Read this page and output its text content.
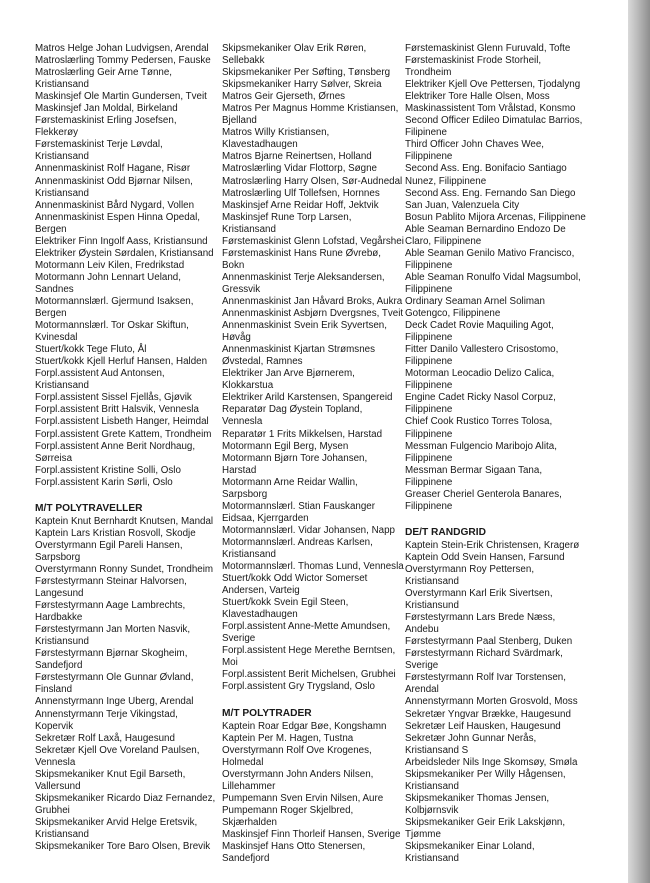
Matros Helge Johan Ludvigsen, Arendal
Matroslærling Tommy Pedersen, Fauske
Matroslærling Geir Arne Tønne,
Kristiansand
Maskinsjef Ole Martin Gundersen, Tveit
Maskinsjef Jan Moldal, Birkeland
Førstemaskinist Erling Josefsen,
Flekkerøy
Førstemaskinist Terje Løvdal,
Kristiansand
Annenmaskinist Rolf Hagane, Risør
Annenmaskinist Odd Bjørnar Nilsen,
Kristiansand
Annenmaskinist Bård Nygard, Vollen
Annenmaskinist Espen Hinna Opedal,
Bergen
Elektriker Finn Ingolf Aass, Kristiansund
Elektriker Øystein Sørdalen, Kristiansand
Motormann Leiv Kilen, Fredrikstad
Motormann John Lennart Ueland,
Sandnes
Motormannslærl. Gjermund Isaksen,
Bergen
Motormannslærl. Tor Oskar Skiftun,
Kvinesdal
Stuert/kokk Tege Fluto, Ål
Stuert/kokk Kjell Herluf Hansen, Halden
Forpl.assistent Aud Antonsen,
Kristiansand
Forpl.assistent Sissel Fjellås, Gjøvik
Forpl.assistent Britt Halsvik, Vennesla
Forpl.assistent Lisbeth Hanger, Heimdal
Forpl.assistent Grete Kattem, Trondheim
Forpl.assistent Anne Berit Nordhaug,
Sørreisa
Forpl.assistent Kristine Solli, Oslo
Forpl.assistent Karin Sørli, Oslo
M/T POLYTRAVELLER
Kaptein Knut Bernhardt Knutsen, Mandal
Kaptein Lars Kristian Rosvoll, Skodje
Overstyrmann Egil Pareli Hansen,
Sarpsborg
Overstyrmann Ronny Sundet, Trondheim
Førstestyrmann Steinar Halvorsen,
Langesund
Førstestyrmann Aage Lambrechts,
Hardbakke
Førstestyrmann Jan Morten Nasvik,
Kristiansund
Førstestyrmann Bjørnar Skogheim,
Sandefjord
Førstestyrmann Ole Gunnar Øvland,
Finsland
Annenstyrmann Inge Uberg, Arendal
Annenstyrmann Terje Vikingstad,
Kopervik
Sekretær Rolf Laxå, Haugesund
Sekretær Kjell Ove Voreland Paulsen,
Vennesla
Skipsmekaniker Knut Egil Barseth,
Vallersund
Skipsmekaniker Ricardo Diaz Fernandez,
Grubhei
Skipsmekaniker Arvid Helge Eretsvik,
Kristiansand
Skipsmekaniker Tore Baro Olsen, Brevik
Skipsmekaniker Olav Erik Røren,
Sellebakk
Skipsmekaniker Per Søfting, Tønsberg
Skipsmekaniker Harry Sølver, Skreia
Matros Geir Gjerseth, Ørnes
Matros Per Magnus Homme Kristiansen,
Bjelland
Matros Willy Kristiansen,
Klavestadhaugen
Matros Bjarne Reinertsen, Holland
Matroslærling Vidar Flottorp, Søgne
Matroslærling Harry Olsen, Sør-Audnedal
Matroslærling Ulf Tollefsen, Hornnes
Maskinsjef Arne Reidar Hoff, Jektvik
Maskinsjef Rune Torp Larsen,
Kristiansand
Førstemaskinist Glenn Lofstad, Vegårshei
Førstemaskinist Hans Rune Øvrebø,
Bokn
Annenmaskinist Terje Aleksandersen,
Gressvik
Annenmaskinist Jan Håvard Broks, Aukra
Annenmaskinist Asbjørn Dvergsnes, Tveit
Annenmaskinist Svein Erik Syvertsen,
Høvåg
Annenmaskinist Kjartan Strømsnes
Øvstedal, Ramnes
Elektriker Jan Arve Bjørnerem,
Klokkarstua
Elektriker Arild Karstensen, Spangereid
Reparatør Dag Øystein Topland,
Vennesla
Reparatør 1 Frits Mikkelsen, Harstad
Motormann Egil Berg, Mysen
Motormann Bjørn Tore Johansen,
Harstad
Motormann Arne Reidar Wallin,
Sarpsborg
Motormannslærl. Stian Fauskanger
Eidsaa, Kjerrgarden
Motormannslærl. Vidar Johansen, Napp
Motormannslærl. Andreas Karlsen,
Kristiansand
Motormannslærl. Thomas Lund, Vennesla
Stuert/kokk Odd Wictor Somerset
Andersen, Varteig
Stuert/kokk Svein Egil Steen,
Klavestadhaugen
Forpl.assistent Anne-Mette Amundsen,
Sverige
Forpl.assistent Hege Merethe Berntsen,
Moi
Forpl.assistent Berit Michelsen, Grubhei
Forpl.assistent Gry Trygsland, Oslo
M/T POLYTRADER
Kaptein Roar Edgar Bøe, Kongshamn
Kaptein Per M. Hagen, Tustna
Overstyrmann Rolf Ove Krogenes,
Holmedal
Overstyrmann John Anders Nilsen,
Lillehammer
Pumpemann Sven Ervin Nilsen, Aure
Pumpemann Roger Skjelbred,
Skjærhalden
Maskinsjef Finn Thorleif Hansen, Sverige
Maskinsjef Hans Otto Stenersen,
Sandefjord
Førstemaskinist Glenn Furuvald, Tofte
Førstemaskinist Frode Storheil,
Trondheim
Elektriker Kjell Ove Pettersen, Tjodalyng
Elektriker Tore Halle Olsen, Moss
Maskinassistent Tom Vrålstad, Konsmo
Second Officer Edileo Dimatulac Barrios,
Filipinene
Third Officer John Chaves Wee,
Filippinene
Second Ass. Eng. Bonifacio Santiago
Nunez, Filippinene
Second Ass. Eng. Fernando San Diego
San Juan, Valenzuela City
Bosun Pablito Mijora Arcenas, Filippinene
Able Seaman Bernardino Endozo De
Claro, Filippinene
Able Seaman Genilo Mativo Francisco,
Filippinene
Able Seaman Ronulfo Vidal Magsumbol,
Filippinene
Ordinary Seaman Arnel Soliman
Gotengco, Filippinene
Deck Cadet Rovie Maquiling Agot,
Filippinene
Fitter Danilo Vallestero Crisostomo,
Filippinene
Motorman Leocadio Delizo Calica,
Filippinene
Engine Cadet Ricky Nasol Corpuz,
Filippinene
Chief Cook Rustico Torres Tolosa,
Filippinene
Messman Fulgencio Maribojo Alita,
Filippinene
Messman Bermar Sigaan Tana,
Filippinene
Greaser Cheriel Genterola Banares,
Filippinene
DE/T RANDGRID
Kaptein Stein-Erik Christensen, Kragerø
Kaptein Odd Svein Hansen, Farsund
Overstyrmann Roy Pettersen,
Kristiansand
Overstyrmann Karl Erik Sivertsen,
Kristiansund
Førstestyrmann Lars Brede Næss,
Andebu
Førstestyrmann Paal Stenberg, Duken
Førstestyrmann Richard Svärdmark,
Sverige
Førstestyrmann Rolf Ivar Torstensen,
Arendal
Annenstyrmann Morten Grosvold, Moss
Sekretær Yngvar Brække, Haugesund
Sekretær Leif Hausken, Haugesund
Sekretær John Gunnar Nerås,
Kristiansand S
Arbeidsleder Nils Inge Skomsøy, Smøla
Skipsmekaniker Per Willy Hågensen,
Kristiansand
Skipsmekaniker Thomas Jensen,
Kolbjørnsvik
Skipsmekaniker Geir Erik Lakskjønn,
Tjømme
Skipsmekaniker Einar Loland,
Kristiansand
